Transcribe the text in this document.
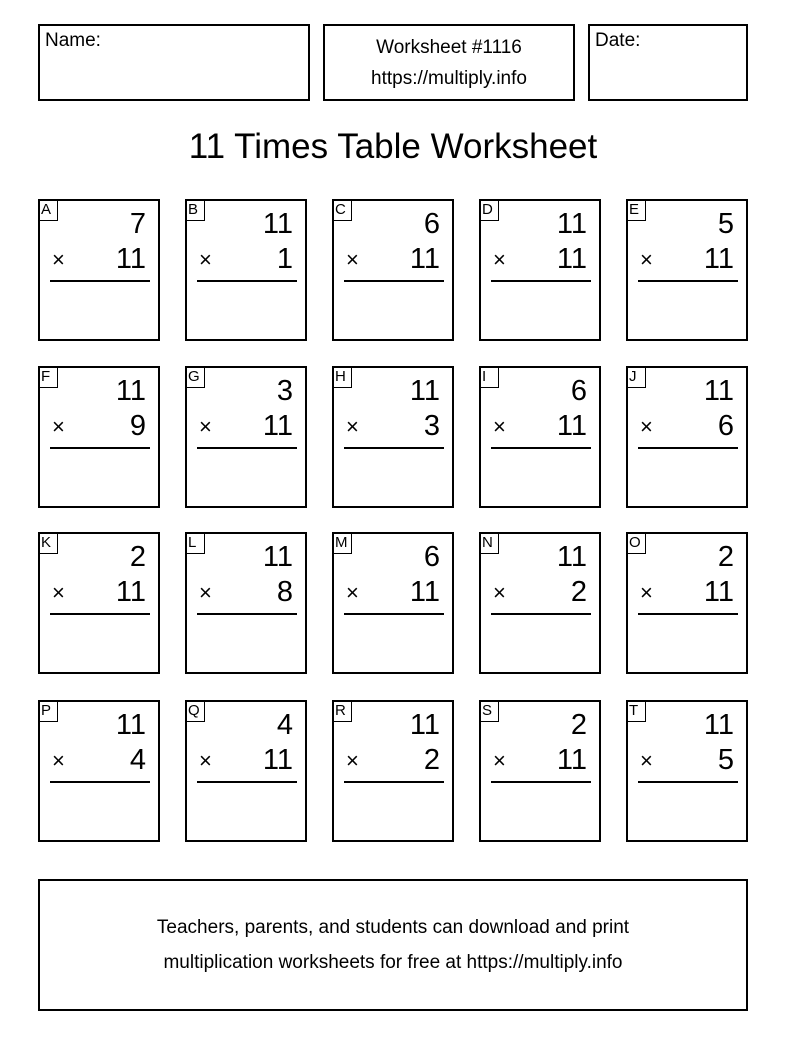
Name:	Worksheet #1116
https://multiply.info
Date:
11 Times Table Worksheet
A	7
× 11
B 11
× 1
C	6
× 11
D 11
× 11
E	5
× 11
F 11
× 9
G	3
× 11
H 11
× 3
I	6
× 11
J	11
× 6
K	2
× 11
L 11
× 8
M	6
× 11
N 11
× 2
O	2
× 11
P 11
× 4
Q	4
× 11
R 11
× 2
S	2
× 11
T 11
× 5
Teachers, parents, and students can download and print
multiplication worksheets for free at https://multiply.info
